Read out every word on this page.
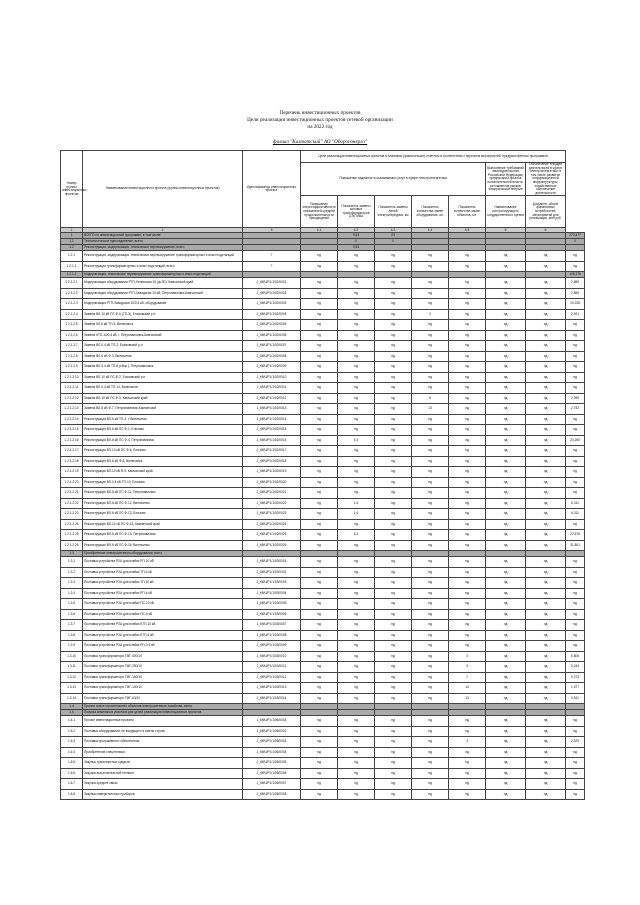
Перечень инвестиционных проектов
Цели реализации инвестиционных проектов сетевой организации
на 2022 год
филиал "Камчатский" АО "Оборонэнерго"
Номер группы инвестиционных проектов	Наименование инвестиционного проекта (группы инвестиционных проектов)	Идентификатор инвестиционного проекта	Цели реализации инвестиционных проектов в плановом (фактическом) отчетном в соответствии с перечнем мероприятий, предусмотренных программой							
			Повышение надежности оказываемых услуг в сфере электроэнергетики					Выполнение требований законодательства Российской Федерации, предписаний органов исполнительной власти, регламентов рынков электрической энергии	Обеспечение текущей деятельности в сфере электроэнергетики, в том числе развитие информационной инфраструктуры, хозяйственное обеспечение деятельности	
			Повышение энергоэффективности показателей средней продолжительности прекращений	Показатель замены силовых трансформаторов (ΣN) МВА	Показатель замены линий электропередачи, км	Показатель количества замен оборудования, шт.	Показатель количества замен объектов, шт.	Наименование контролирующего государственного органа	Документ, объем финансовых потребностей, мероприятий для реализации, млн руб.	
1	2	3	4.1	4.2	4.3	4.4	4.5	5	6	
1	ВСЕГО по инвестиционной программе, в том числе:			9,53	23					273,477
1.1	Технологическое присоединение, всего			0	0					0
1.2	Реконструкция, модернизация, техническое перевооружение, всего			9,53						
1.2.1	Реконструкция, модернизация, техническое перевооружение трансформаторных и иных подстанций	Г	нд	нд	нд	нд	нд	нд	нд	нд
1.2.1.1	Реконструкция трансформаторных и иных подстанций, всего	Г	нд	нд	нд	нд	нд	нд	нд	нд
1.2.1.2	Модернизация, техническое перевооружение трансформаторных и иных подстанций									108,176
1.2.1.2.1	Модернизация оборудования РТП-Ленинская 15 (ф.ЗБ), Камчатский край	J_КМЧ/Р1/1/02/0001	нд	нд	нд	нд	нд	нд	нд	2,859
1.2.1.2.2	Модернизация оборудования РТП-Заводская 10 кВ, Петропавловск-Камчатский	J_КМЧ/Р1/1/02/0002	нд	нд	нд	нд	нд	нд	нд	2,859
1.2.1.2.3	Модернизация РТП-Заводская 10/0,4 кВ, оборудование	J_КМЧ/Р1/1/02/0003	нд	нд	нд	нд	нд	нд	нд	10,228
1.2.1.2.4	Замена ВЛ-10 кВ ПС Ф-6 (ТП-3), Елизовский р-н	J_КМЧ/Р1/1/02/0004	нд	нд	нд	0	нд	нд	нд	2,921
1.2.1.2.5	Замена КЛ-6 кВ ТП-5, Вилючинск	J_КМЧ/Р1/1/02/0005	нд	нд	нд	нд	нд	нд	нд	нд
1.2.1.2.6	Замена КТП-10/0,4 кВ, г. Петропавловск-Камчатский	J_КМЧ/Р1/1/02/0006	нд	нд	нд	нд	нд	нд	нд	нд
1.2.1.2.7	Замена ВЛ-0,4 кВ ТП-2, Елизовский р-н	J_КМЧ/Р1/1/02/0007	нд	нд	нд	нд	нд	нд	нд	нд
1.2.1.2.8	Замена ВЛ-6 кВ Ф-3, Вилючинск	J_КМЧ/Р1/1/02/0008	нд	нд	нд	нд	нд	нд	нд	нд
1.2.1.2.9	Замена ВЛ-0,4 кВ ТП-8 (обор.), Петропавловск	J_КМЧ/Р1/1/02/0009	нд	нд	нд	нд	нд	нд	нд	нд
1.2.1.2.10	Замена ВЛ-10 кВ ПС Ф-2, Елизовский р-н	J_КМЧ/Р1/1/02/0010	нд	нд	нд	нд	нд	нд	нд	нд
1.2.1.2.11	Замена ВЛ-0,4 кВ ТП-14, Вилючинск	J_КМЧ/Р1/1/02/0011	нд	нд	нд	нд	нд	нд	нд	нд
1.2.1.2.12	Замена ВЛ-10 кВ ПС Ф-5, Камчатский край	J_КМЧ/Р1/1/02/0012	нд	нд	нд	8	нд	нд	нд	2,399
1.2.1.2.13	Замена ВЛ-6 кВ Ф-7, Петропавловск-Камчатский	J_КМЧ/Р1/1/02/0013	нд	нд	нд	13	нд	нд	нд	2,752
1.2.1.2.14	Реконструкция ВЛ-6 кВ ТП-4, г. Вилючинск	J_КМЧ/Р1/1/02/0014	нд	нд	нд	нд	нд	нд	нд	нд
1.2.1.2.15	Реконструкция ВЛ-6 кВ ПС Ф-1, Елизово	J_КМЧ/Р1/1/02/0015	нд	нд	нд	нд	нд	нд	нд	нд
1.2.1.2.16	Реконструкция ВЛ-6 кВ ПС Ф-4, Петропавловск	J_КМЧ/Р1/1/02/0016	нд	5,3	нд	нд	нд	нд	нд	20,260
1.2.1.2.17	Реконструкция ВЛ-10 кВ ПС Ф-6, Елизово	J_КМЧ/Р1/1/02/0017	нд	нд	нд	нд	нд	нд	нд	нд
1.2.1.2.18	Реконструкция ВЛ-6 кВ Ф-8, Вилючинск	J_КМЧ/Р1/1/02/0018	нд	нд	нд	нд	нд	нд	нд	нд
1.2.1.2.19	Реконструкция ВЛ-10 кВ Ф-9, Камчатский край	J_КМЧ/Р1/1/02/0019	нд	нд	нд	нд	нд	нд	нд	нд
1.2.1.2.20	Реконструкция ВЛ-0,4 кВ ТП-10, Елизово	J_КМЧ/Р1/1/02/0020	нд	нд	нд	нд	нд	нд	нд	нд
1.2.1.2.21	Реконструкция ВЛ-6 кВ ПС Ф-11, Петропавловск	J_КМЧ/Р1/1/02/0021	нд	нд	нд	нд	нд	нд	нд	нд
1.2.1.2.22	Реконструкция ВЛ-6 кВ ПС Ф-12, Вилючинск	J_КМЧ/Р1/1/02/0022	нд	1,6	нд	нд	нд	нд	нд	6,311
1.2.1.2.23	Реконструкция ВЛ-6 кВ ПС Ф-13, Елизово	J_КМЧ/Р1/1/02/0023	нд	1,6	нд	нд	нд	нд	нд	6,311
1.2.1.2.24	Реконструкция ВЛ-10 кВ ПС Ф-14, Камчатский край	J_КМЧ/Р1/1/02/0024	нд	нд	нд	нд	нд	нд	нд	нд
1.2.1.2.25	Реконструкция ВЛ-6 кВ ПС Ф-15, Петропавловск	J_КМЧ/Р1/1/02/0025	нд	5,3	нд	нд	нд	нд	нд	22,678
1.2.1.2.26	Реконструкция ВЛ-6 кВ ПС Ф-16, Вилючинск	J_КМЧ/Р1/1/02/0026	нд	нд	нд	нд	нд	нд	нд	31,801
1.3	Приобретение электросетевого оборудования, всего									
1.3.1	Поставка устройства РЗА для ячейки РП-10 кВ	J_КМЧ/Р1/1/03/0001	нд	нд	нд	нд	нд	нд	нд	нд
1.3.2	Поставка устройства РЗА для ячейки ТП-6 кВ	J_КМЧ/Р1/1/03/0002	нд	нд	нд	нд	нд	нд	нд	нд
1.3.3	Поставка устройства РЗА для ячейки ТП-10 кВ	J_КМЧ/Р1/1/03/0003	нд	нд	нд	нд	нд	нд	нд	нд
1.3.4	Поставка устройства РЗА для ячейки РП-6 кВ	J_КМЧ/Р1/1/03/0004	нд	нд	нд	нд	нд	нд	нд	нд
1.3.5	Поставка устройства РЗА для ячейки ПС-10 кВ	J_КМЧ/Р1/1/03/0005	нд	нд	нд	нд	нд	нд	нд	нд
1.3.6	Поставка устройства РЗА для ячейки ПС-6 кВ	J_КМЧ/Р1/1/03/0006	нд	нд	нд	нд	нд	нд	нд	нд
1.3.7	Поставка устройства РЗА для ячейки КТП-10 кВ	J_КМЧ/Р1/1/03/0007	нд	нд	нд	нд	нд	нд	нд	нд
1.3.8	Поставка устройства РЗА для ячейки КТП-6 кВ	J_КМЧ/Р1/1/03/0008	нд	нд	нд	нд	нд	нд	нд	нд
1.3.9	Поставка устройства РЗА для ячейки РП-0,4 кВ	J_КМЧ/Р1/1/03/0009	нд	нд	нд	нд	нд	нд	нд	нд
1.3.10	Поставка трансформатора ТМГ-400/10	J_КМЧ/Р1/1/03/0010	нд	нд	нд	нд	3	нд	нд	0,806
1.3.11	Поставка трансформатора ТМГ-250/10	J_КМЧ/Р1/1/03/0011	нд	нд	нд	нд	3	нд	нд	0,244
1.3.12	Поставка трансформатора ТМГ-160/10	J_КМЧ/Р1/1/03/0012	нд	нд	нд	нд	7	нд	нд	0,273
1.3.13	Поставка трансформатора ТМГ-100/10	J_КМЧ/Р1/1/03/0013	нд	нд	нд	нд	13	нд	нд	1,577
1.3.14	Поставка трансформатора ТМГ-63/10	J_КМЧ/Р1/1/03/0014	нд	нд	нд	нд	13	нд	нд	0,511
1.4	Прочее новое строительство объектов электросетевого хозяйства, всего									
1.6	Покупка земельных участков для целей реализации инвестиционных проектов									
1.6.1	Прочие инвестиционные проекты	J_КМЧ/Р1/1/06/0001	нд	нд	нд	нд	нд	нд	нд	нд
1.6.2	Поставка оборудования, не входящего в сметы строек	J_КМЧ/Р1/1/06/0002	нд	нд	нд	нд	нд	нд	нд	нд
1.6.3	Поставка программного обеспечения	J_КМЧ/Р1/1/06/0003	нд	нд	нд	нд	3	нд	нд	2,329
1.6.4	Приобретение спецтехники	J_КМЧ/Р1/1/06/0004	нд	нд	нд	нд	нд	нд	нд	нд
1.6.5	Закупка транспортных средств	J_КМЧ/Р1/1/06/0005	нд	нд	нд	нд	нд	нд	нд	нд
1.6.6	Закупка вычислительной техники	J_КМЧ/Р1/1/06/0006	нд	нд	нд	нд	нд	нд	нд	нд
1.6.7	Закупка средств связи	J_КМЧ/Р1/1/06/0007	нд	нд	нд	нд	нд	нд	нд	нд
1.6.8	Закупка измерительных приборов	J_КМЧ/Р1/1/06/0008	нд	нд	нд	нд	нд	нд	нд	нд
